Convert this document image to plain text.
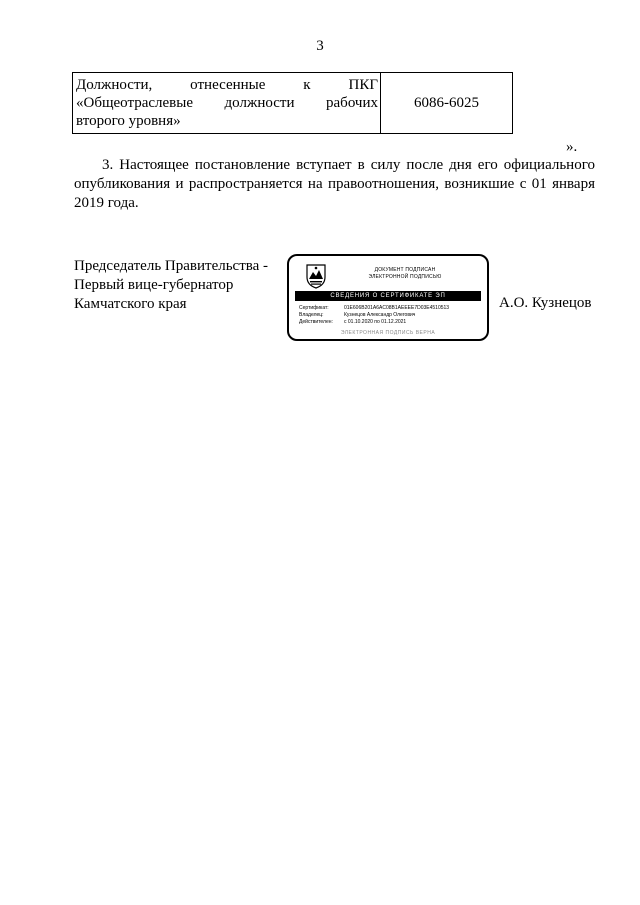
3
Должности, отнесенные к ПКГ
«Общеотраслевые должности рабочих
второго уровня»
	6086-6025
».
3. Настоящее постановление вступает в силу после дня его официального опубликования и распространяется на правоотношения, возникшие с 01 января 2019 года.
Председатель Правительства -
Первый вице-губернатор
Камчатского края
ДОКУМЕНТ ПОДПИСАН
ЭЛЕКТРОННОЙ ПОДПИСЬЮ
СВЕДЕНИЯ О СЕРТИФИКАТЕ ЭП
Сертификат:	01E606B201A6AC08B1AEEEE7D03E4510513
Владелец:	Кузнецов Александр Олегович
Действителен:	с 01.10.2020 по 01.12.2021
ЭЛЕКТРОННАЯ ПОДПИСЬ ВЕРНА
А.О. Кузнецов
